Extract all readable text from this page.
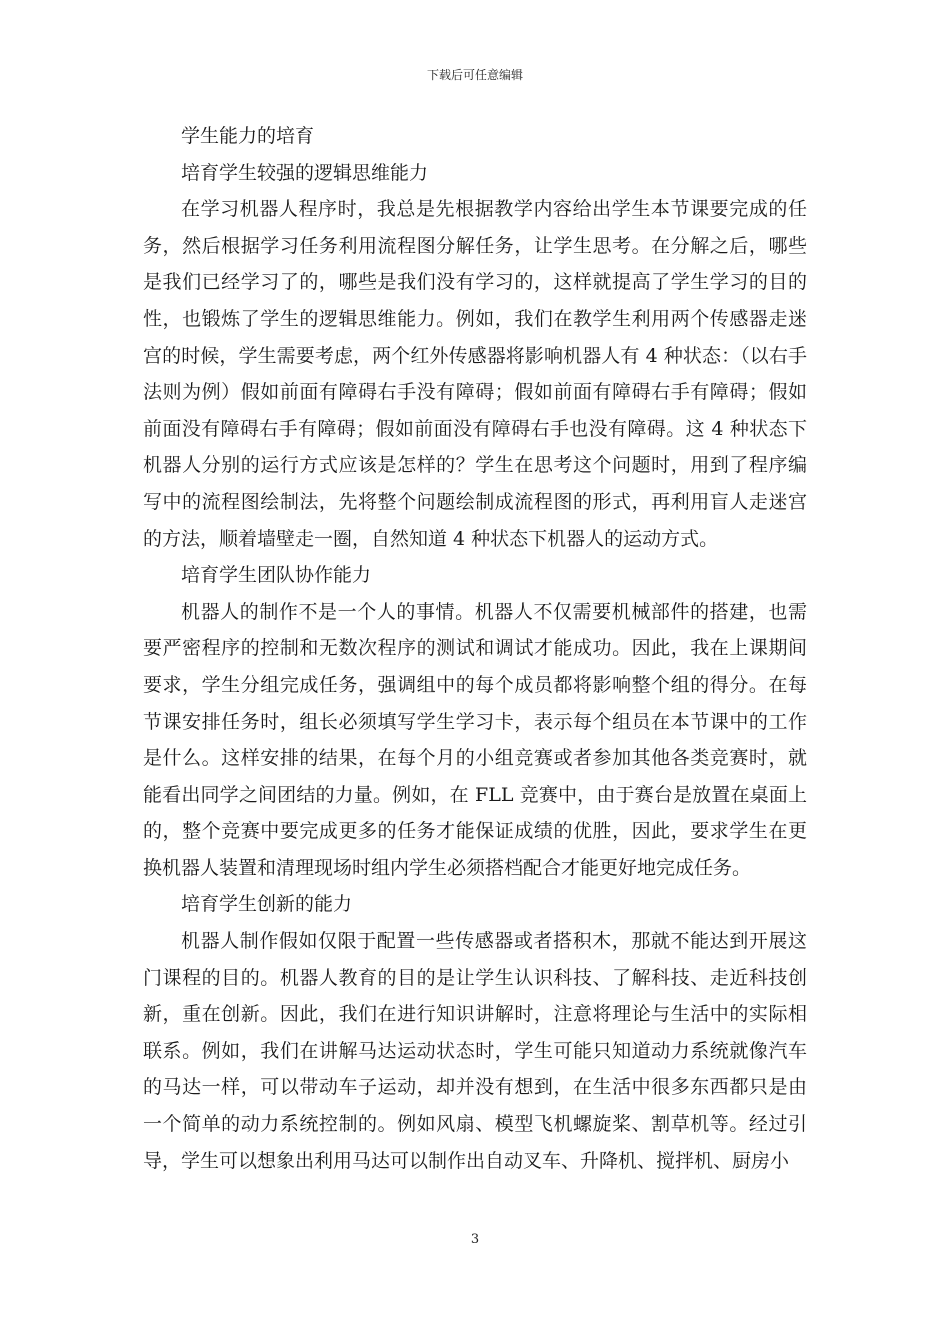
下载后可任意编辑

学生能力的培育

培育学生较强的逻辑思维能力

在学习机器人程序时，我总是先根据教学内容给出学生本节课要完成的任务，然后根据学习任务利用流程图分解任务，让学生思考。在分解之后，哪些是我们已经学习了的，哪些是我们没有学习的，这样就提高了学生学习的目的性，也锻炼了学生的逻辑思维能力。例如，我们在教学生利用两个传感器走迷宫的时候，学生需要考虑，两个红外传感器将影响机器人有 4 种状态：（以右手法则为例）假如前面有障碍右手没有障碍；假如前面有障碍右手有障碍；假如前面没有障碍右手有障碍；假如前面没有障碍右手也没有障碍。这 4 种状态下机器人分别的运行方式应该是怎样的？学生在思考这个问题时，用到了程序编写中的流程图绘制法，先将整个问题绘制成流程图的形式，再利用盲人走迷宫的方法，顺着墙壁走一圈，自然知道 4 种状态下机器人的运动方式。

培育学生团队协作能力

机器人的制作不是一个人的事情。机器人不仅需要机械部件的搭建，也需要严密程序的控制和无数次程序的测试和调试才能成功。因此，我在上课期间要求，学生分组完成任务，强调组中的每个成员都将影响整个组的得分。在每节课安排任务时，组长必须填写学生学习卡，表示每个组员在本节课中的工作是什么。这样安排的结果，在每个月的小组竞赛或者参加其他各类竞赛时，就能看出同学之间团结的力量。例如，在 FLL 竞赛中，由于赛台是放置在桌面上的，整个竞赛中要完成更多的任务才能保证成绩的优胜，因此，要求学生在更换机器人装置和清理现场时组内学生必须搭档配合才能更好地完成任务。

培育学生创新的能力

机器人制作假如仅限于配置一些传感器或者搭积木，那就不能达到开展这门课程的目的。机器人教育的目的是让学生认识科技、了解科技、走近科技创新，重在创新。因此，我们在进行知识讲解时，注意将理论与生活中的实际相联系。例如，我们在讲解马达运动状态时，学生可能只知道动力系统就像汽车的马达一样，可以带动车子运动，却并没有想到，在生活中很多东西都只是由一个简单的动力系统控制的。例如风扇、模型飞机螺旋桨、割草机等。经过引导，学生可以想象出利用马达可以制作出自动叉车、升降机、搅拌机、厨房小

3
